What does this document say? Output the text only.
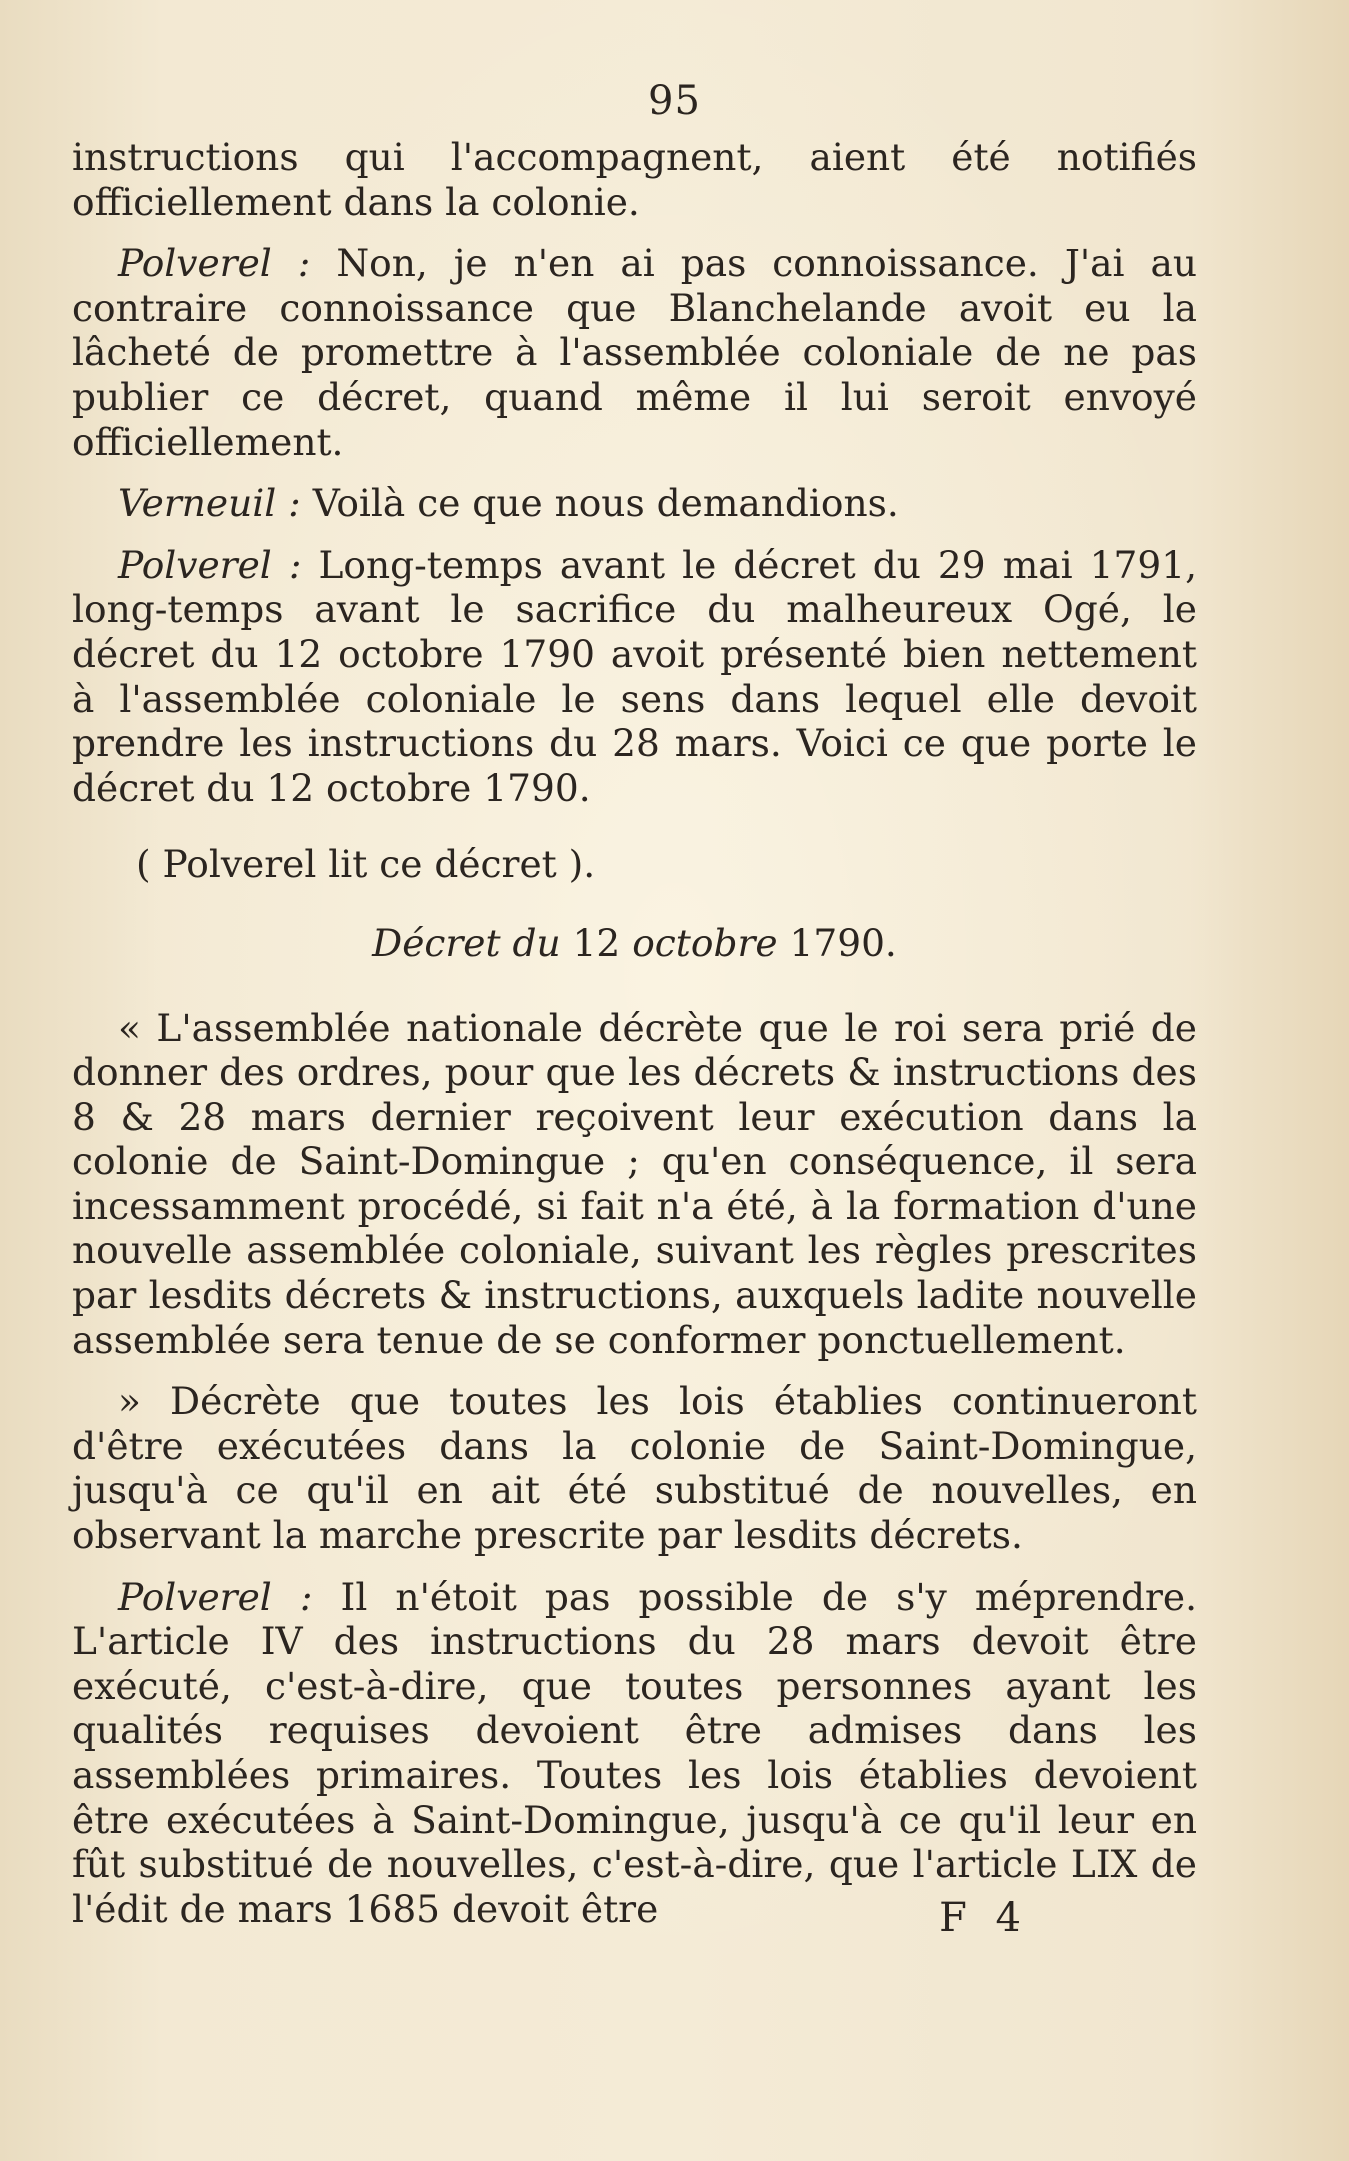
95

instructions qui l'accompagnent, aient été notifiés officiellement dans la colonie.

Polverel : Non, je n'en ai pas connoissance. J'ai au contraire connoissance que Blanchelande avoit eu la lâcheté de promettre à l'assemblée coloniale de ne pas publier ce décret, quand même il lui seroit envoyé officiellement.

Verneuil : Voilà ce que nous demandions.

Polverel : Long-temps avant le décret du 29 mai 1791, long-temps avant le sacrifice du malheureux Ogé, le décret du 12 octobre 1790 avoit présenté bien nettement à l'assemblée coloniale le sens dans lequel elle devoit prendre les instructions du 28 mars. Voici ce que porte le décret du 12 octobre 1790.

( Polverel lit ce décret ).

Décret du 12 octobre 1790.

« L'assemblée nationale décrète que le roi sera prié de donner des ordres, pour que les décrets & instructions des 8 & 28 mars dernier reçoivent leur exécution dans la colonie de Saint-Domingue ; qu'en conséquence, il sera incessamment procédé, si fait n'a été, à la formation d'une nouvelle assemblée coloniale, suivant les règles prescrites par lesdits décrets & instructions, auxquels ladite nouvelle assemblée sera tenue de se conformer ponctuellement.

» Décrète que toutes les lois établies continueront d'être exécutées dans la colonie de Saint-Domingue, jusqu'à ce qu'il en ait été substitué de nouvelles, en observant la marche prescrite par lesdits décrets.

Polverel : Il n'étoit pas possible de s'y méprendre. L'article IV des instructions du 28 mars devoit être exécuté, c'est-à-dire, que toutes personnes ayant les qualités requises devoient être admises dans les assemblées primaires. Toutes les lois établies devoient être exécutées à Saint-Domingue, jusqu'à ce qu'il leur en fût substitué de nouvelles, c'est-à-dire, que l'article LIX de l'édit de mars 1685 devoit être	F 4
